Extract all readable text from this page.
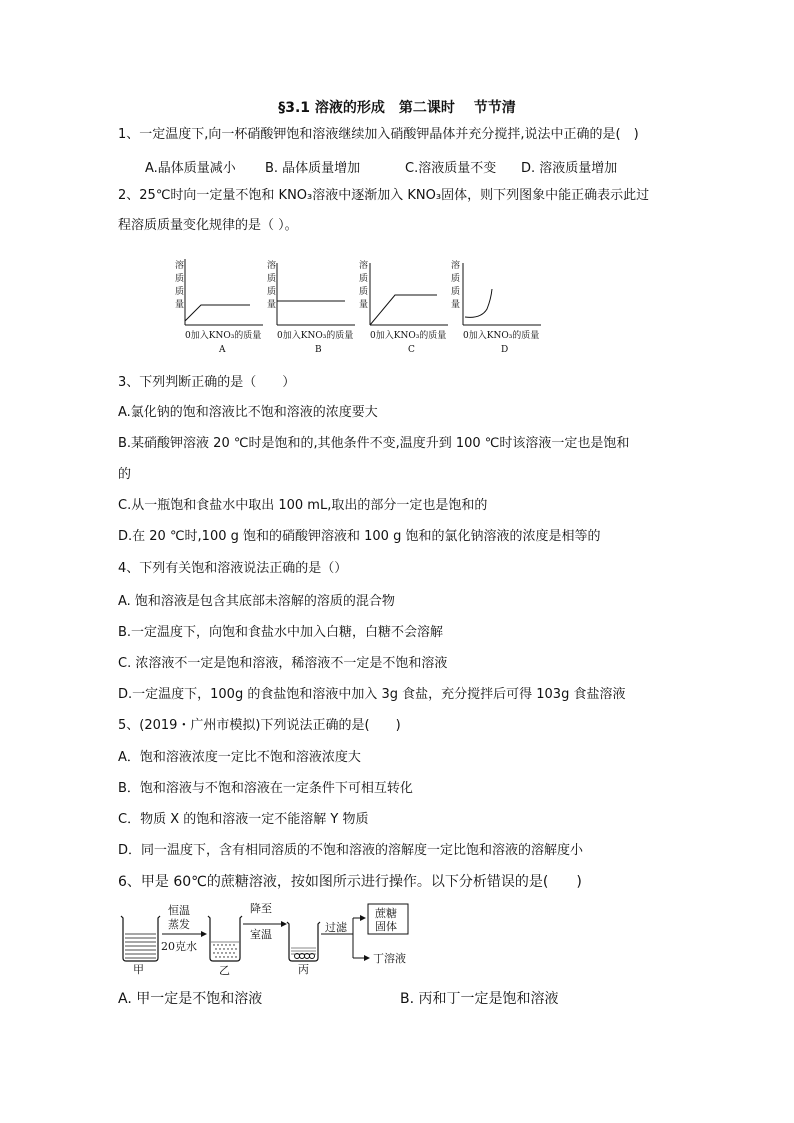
§3.1 溶液的形成　第二课时　 节节清
1、一定温度下,向一杯硝酸钾饱和溶液继续加入硝酸钾晶体并充分搅拌,说法中正确的是(　)
A.晶体质量减小 B. 晶体质量增加	C.溶液质量不变 D. 溶液质量增加
2、25℃时向一定量不饱和 KNO₃溶液中逐渐加入 KNO₃固体，则下列图象中能正确表示此过
程溶质质量变化规律的是（ ）。
溶
质
质
量
0加入KNO₃的质量
A
溶
质
质
量
0加入KNO₃的质量
B
溶
质
质
量
0加入KNO₃的质量
C
溶
质
质
量
0加入KNO₃的质量
D
3、下列判断正确的是（　　）
A.氯化钠的饱和溶液比不饱和溶液的浓度要大
B.某硝酸钾溶液 20 ℃时是饱和的,其他条件不变,温度升到 100 ℃时该溶液一定也是饱和
的
C.从一瓶饱和食盐水中取出 100 mL,取出的部分一定也是饱和的
D.在 20 ℃时,100 g 饱和的硝酸钾溶液和 100 g 饱和的氯化钠溶液的浓度是相等的
4、下列有关饱和溶液说法正确的是（）
A. 饱和溶液是包含其底部未溶解的溶质的混合物
B.一定温度下，向饱和食盐水中加入白糖，白糖不会溶解
C. 浓溶液不一定是饱和溶液，稀溶液不一定是不饱和溶液
D.一定温度下，100g 的食盐饱和溶液中加入 3g 食盐，充分搅拌后可得 103g 食盐溶液
5、(2019・广州市模拟)下列说法正确的是(　　)
A．饱和溶液浓度一定比不饱和溶液浓度大
B．饱和溶液与不饱和溶液在一定条件下可相互转化
C．物质 X 的饱和溶液一定不能溶解 Y 物质
D．同一温度下，含有相同溶质的不饱和溶液的溶解度一定比饱和溶液的溶解度小
6、甲是 60℃的蔗糖溶液，按如图所示进行操作。以下分析错误的是(　　)
甲
恒温
蒸发
20克水
乙
降至
室温
丙
过滤
蔗糖
固体
丁溶液
A. 甲一定是不饱和溶液	B. 丙和丁一定是饱和溶液
